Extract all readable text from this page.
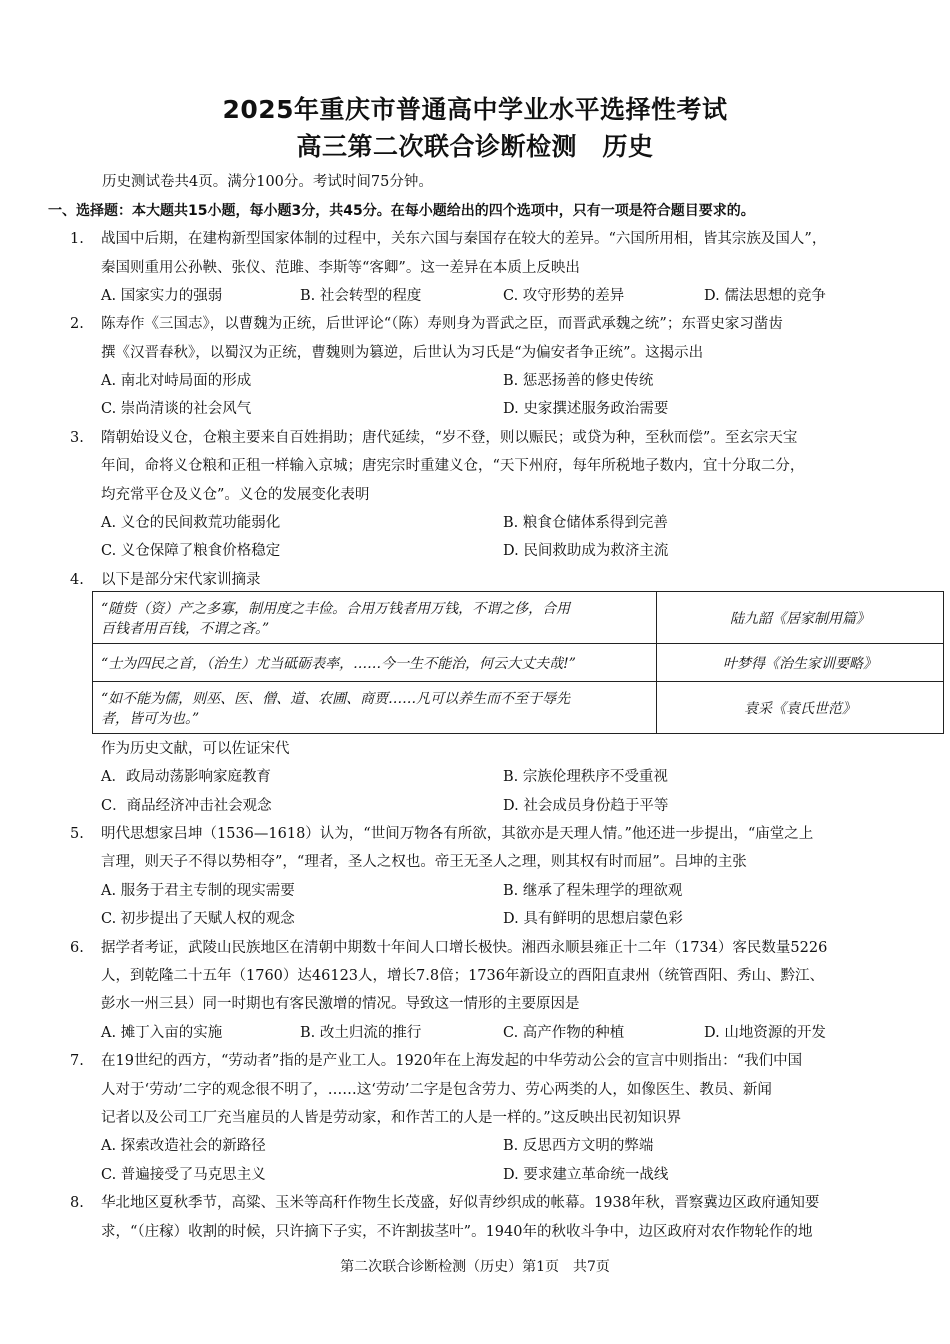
2025年重庆市普通高中学业水平选择性考试
高三第二次联合诊断检测　历史
历史测试卷共4页。满分100分。考试时间75分钟。
一、选择题：本大题共15小题，每小题3分，共45分。在每小题给出的四个选项中，只有一项是符合题目要求的。
1. 战国中后期，在建构新型国家体制的过程中，关东六国与秦国存在较大的差异。“六国所用相，皆其宗族及国人”，
秦国则重用公孙鞅、张仪、范雎、李斯等“客卿”。这一差异在本质上反映出
A. 国家实力的强弱	B. 社会转型的程度	C. 攻守形势的差异	D. 儒法思想的竞争
2. 陈寿作《三国志》，以曹魏为正统，后世评论“（陈）寿则身为晋武之臣，而晋武承魏之统”；东晋史家习凿齿
撰《汉晋春秋》，以蜀汉为正统，曹魏则为篡逆，后世认为习氏是“为偏安者争正统”。这揭示出
A. 南北对峙局面的形成	B. 惩恶扬善的修史传统
C. 崇尚清谈的社会风气	D. 史家撰述服务政治需要
3. 隋朝始设义仓，仓粮主要来自百姓捐助；唐代延续，“岁不登，则以赈民；或贷为种，至秋而偿”。至玄宗天宝
年间，命将义仓粮和正租一样输入京城；唐宪宗时重建义仓，“天下州府，每年所税地子数内，宜十分取二分，
均充常平仓及义仓”。义仓的发展变化表明
A. 义仓的民间救荒功能弱化	B. 粮食仓储体系得到完善
C. 义仓保障了粮食价格稳定	D. 民间救助成为救济主流
4. 以下是部分宋代家训摘录
“随赀（资）产之多寡，制用度之丰俭。合用万钱者用万钱，不谓之侈，合用
百钱者用百钱，不谓之吝。”	陆九韶《居家制用篇》

“士为四民之首，（治生）尤当砥砺表率，……今一生不能治，何云大丈夫哉!”	叶梦得《治生家训要略》

“如不能为儒，则巫、医、僧、道、农圃、商贾……凡可以养生而不至于辱先
者，皆可为也。”	袁采《袁氏世范》
作为历史文献，可以佐证宋代
A．政局动荡影响家庭教育	B. 宗族伦理秩序不受重视
C．商品经济冲击社会观念	D. 社会成员身份趋于平等
5. 明代思想家吕坤（1536—1618）认为，“世间万物各有所欲，其欲亦是天理人情。”他还进一步提出，“庙堂之上
言理，则天子不得以势相夺”，“理者，圣人之权也。帝王无圣人之理，则其权有时而屈”。吕坤的主张
A. 服务于君主专制的现实需要	B. 继承了程朱理学的理欲观
C. 初步提出了天赋人权的观念	D. 具有鲜明的思想启蒙色彩
6. 据学者考证，武陵山民族地区在清朝中期数十年间人口增长极快。湘西永顺县雍正十二年（1734）客民数量5226
人，到乾隆二十五年（1760）达46123人，增长7.8倍；1736年新设立的酉阳直隶州（统管酉阳、秀山、黔江、
彭水一州三县）同一时期也有客民激增的情况。导致这一情形的主要原因是
A. 摊丁入亩的实施	B. 改土归流的推行	C. 高产作物的种植	D. 山地资源的开发
7. 在19世纪的西方，“劳动者”指的是产业工人。1920年在上海发起的中华劳动公会的宣言中则指出：“我们中国
人对于‘劳动’二字的观念很不明了，……这‘劳动’二字是包含劳力、劳心两类的人，如像医生、教员、新闻
记者以及公司工厂充当雇员的人皆是劳动家，和作苦工的人是一样的。”这反映出民初知识界
A. 探索改造社会的新路径	B. 反思西方文明的弊端
C. 普遍接受了马克思主义	D. 要求建立革命统一战线
8. 华北地区夏秋季节，高粱、玉米等高秆作物生长茂盛，好似青纱织成的帐幕。1938年秋，晋察冀边区政府通知要
求，“（庄稼）收割的时候，只许摘下子实，不许割拔茎叶”。1940年的秋收斗争中，边区政府对农作物轮作的地
第二次联合诊断检测（历史）第1页　共7页
